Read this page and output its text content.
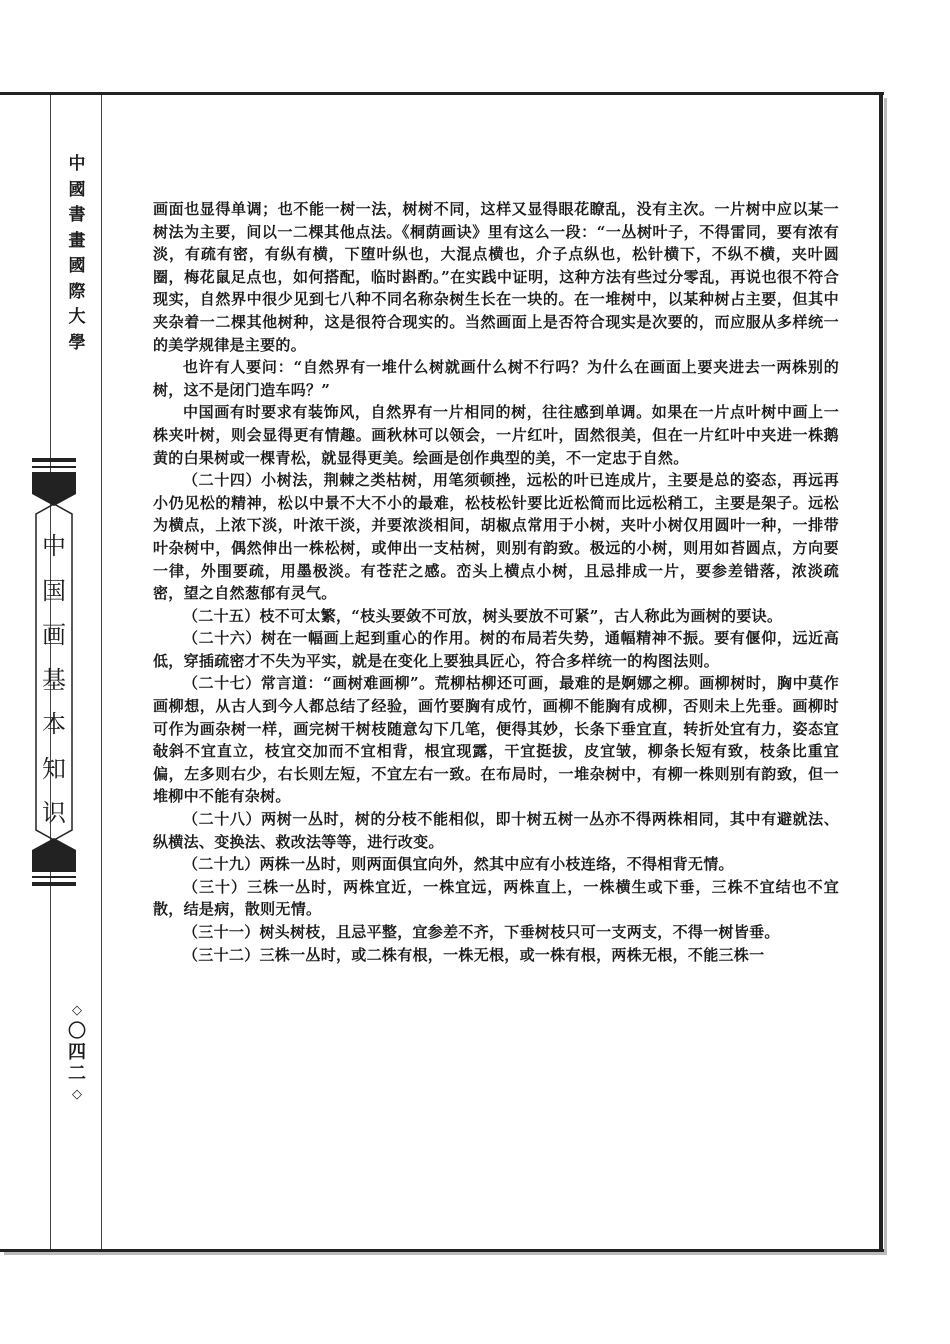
中
國
書
畫
國
際
大
學
中
国
画
基
本
知
识
◇
〇
四
二
◇

画面也显得单调；也不能一树一法，树树不同，这样又显得眼花瞭乱，没有主次。一片树中应以某一树法为主要，间以一二棵其他点法。《桐荫画诀》里有这么一段：“一丛树叶子，不得雷同，要有浓有淡，有疏有密，有纵有横，下堕叶纵也，大混点横也，介子点纵也，松针横下，不纵不横，夹叶圆圈，梅花鼠足点也，如何搭配，临时斟酌。”在实践中证明，这种方法有些过分零乱，再说也很不符合现实，自然界中很少见到七八种不同名称杂树生长在一块的。在一堆树中，以某种树占主要，但其中夹杂着一二棵其他树种，这是很符合现实的。当然画面上是否符合现实是次要的，而应服从多样统一的美学规律是主要的。

也许有人要问：“自然界有一堆什么树就画什么树不行吗？为什么在画面上要夹进去一两株别的树，这不是闭门造车吗？”

中国画有时要求有装饰风，自然界有一片相同的树，往往感到单调。如果在一片点叶树中画上一株夹叶树，则会显得更有情趣。画秋林可以领会，一片红叶，固然很美，但在一片红叶中夹进一株鹅黄的白果树或一棵青松，就显得更美。绘画是创作典型的美，不一定忠于自然。

（二十四）小树法，荆棘之类枯树，用笔须顿挫，远松的叶已连成片，主要是总的姿态，再远再小仍见松的精神，松以中景不大不小的最难，松枝松针要比近松简而比远松稍工，主要是架子。远松为横点，上浓下淡，叶浓干淡，并要浓淡相间，胡椒点常用于小树，夹叶小树仅用圆叶一种，一排带叶杂树中，偶然伸出一株松树，或伸出一支枯树，则别有韵致。极远的小树，则用如苔圆点，方向要一律，外围要疏，用墨极淡。有苍茫之感。峦头上横点小树，且忌排成一片，要参差错落，浓淡疏密，望之自然葱郁有灵气。

（二十五）枝不可太繁，“枝头要敛不可放，树头要放不可紧”，古人称此为画树的要诀。

（二十六）树在一幅画上起到重心的作用。树的布局若失势，通幅精神不振。要有偃仰，远近高低，穿插疏密才不失为平实，就是在变化上要独具匠心，符合多样统一的构图法则。

（二十七）常言道：“画树难画柳”。荒柳枯柳还可画，最难的是婀娜之柳。画柳树时，胸中莫作画柳想，从古人到今人都总结了经验，画竹要胸有成竹，画柳不能胸有成柳，否则未上先垂。画柳时可作为画杂树一样，画完树干树枝随意勾下几笔，便得其妙，长条下垂宜直，转折处宜有力，姿态宜敧斜不宜直立，枝宜交加而不宜相背，根宜现露，干宜挺拔，皮宜皱，柳条长短有致，枝条比重宜偏，左多则右少，右长则左短，不宜左右一致。在布局时，一堆杂树中，有柳一株则别有韵致，但一堆柳中不能有杂树。

（二十八）两树一丛时，树的分枝不能相似，即十树五树一丛亦不得两株相同，其中有避就法、纵横法、变换法、救改法等等，进行改变。

（二十九）两株一丛时，则两面俱宜向外，然其中应有小枝连络，不得相背无情。

（三十）三株一丛时，两株宜近，一株宜远，两株直上，一株横生或下垂，三株不宜结也不宜散，结是病，散则无情。

（三十一）树头树枝，且忌平整，宜参差不齐，下垂树枝只可一支两支，不得一树皆垂。

（三十二）三株一丛时，或二株有根，一株无根，或一株有根，两株无根，不能三株一
